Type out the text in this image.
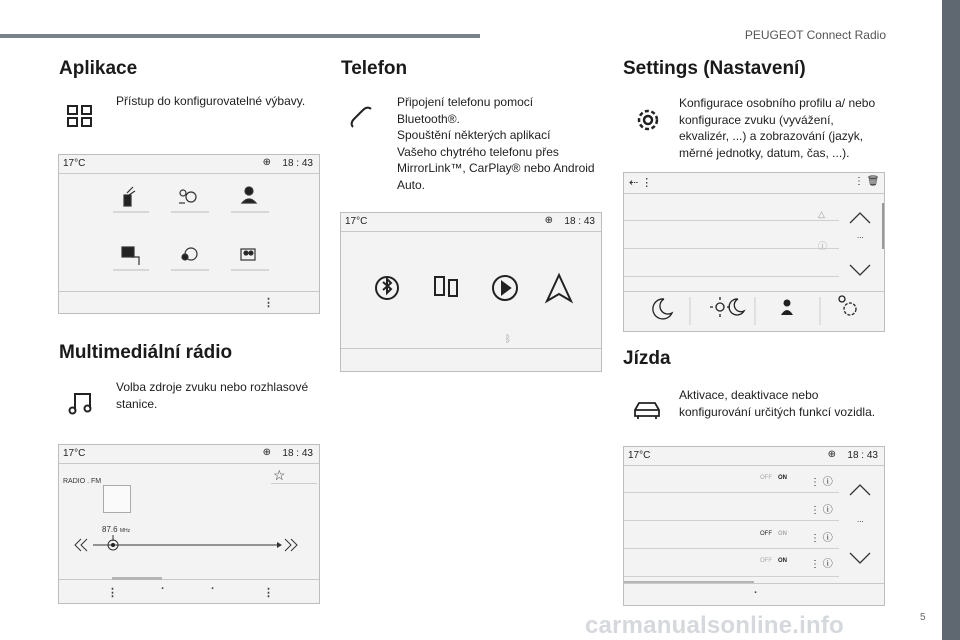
PEUGEOT Connect Radio
Aplikace
Přístup do konfigurovatelné výbavy.
17°C	⊕ 18 : 43
⋮
Multimediální rádio
Volba zdroje zvuku nebo rozhlasové stanice.
17°C	⊕ 18 : 43
☆
RADIO . FM
87.6 MHz
⋮	·	·	⋮
Telefon
Připojení telefonu pomocí
Bluetooth®.
Spouštění některých aplikací
Vašeho chytrého telefonu přes
MirrorLink™, CarPlay® nebo Android
Auto.
17°C	⊕ 18 : 43
ᛒ
Settings (Nastavení)
Konfigurace osobního profilu a/ nebo konfigurace zvuku (vyvážení, ekvalizér, ...) a zobrazování (jazyk, měrné jednotky, datum, čas, ...).
⇠ ⋮	⋮ 🗑
△
ⓘ
...
Jízda
Aktivace, deaktivace nebo konfigurování určitých funkcí vozidla.
17°C	⊕ 18 : 43
OFF ON ⋮ ⓘ
⋮ ⓘ
OFF ON ⋮ ⓘ
OFF ON ⋮ ⓘ
...
·
carmanualsonline.info	5
